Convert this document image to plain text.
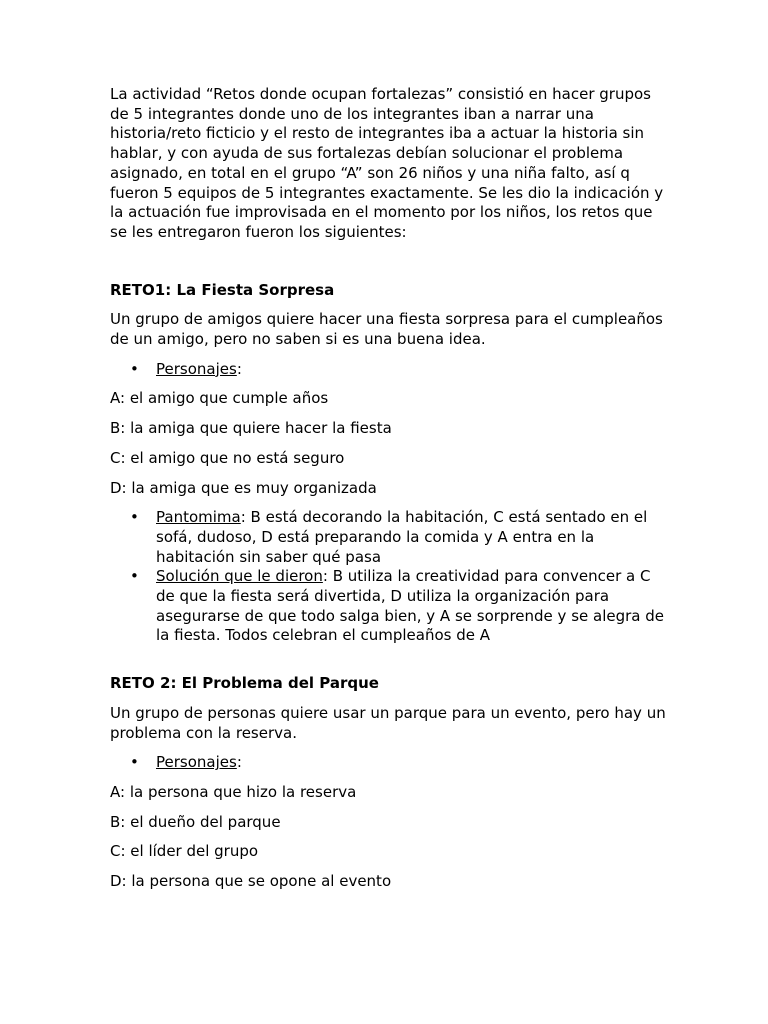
La actividad “Retos donde ocupan fortalezas” consistió en hacer grupos de 5 integrantes donde uno de los integrantes iban a narrar una historia/reto ficticio y el resto de integrantes iba a actuar la historia sin hablar, y con ayuda de sus fortalezas debían solucionar el problema asignado, en total en el grupo “A” son 26 niños y una niña falto, así q fueron 5 equipos de 5 integrantes exactamente. Se les dio la indicación y la actuación fue improvisada en el momento por los niños, los retos que se les entregaron fueron los siguientes:

RETO1: La Fiesta Sorpresa

Un grupo de amigos quiere hacer una fiesta sorpresa para el cumpleaños de un amigo, pero no saben si es una buena idea.

• Personajes:

A: el amigo que cumple años

B: la amiga que quiere hacer la fiesta

C: el amigo que no está seguro

D: la amiga que es muy organizada

• Pantomima: B está decorando la habitación, C está sentado en el sofá, dudoso, D está preparando la comida y A entra en la habitación sin saber qué pasa
• Solución que le dieron: B utiliza la creatividad para convencer a C de que la fiesta será divertida, D utiliza la organización para asegurarse de que todo salga bien, y A se sorprende y se alegra de la fiesta. Todos celebran el cumpleaños de A

RETO 2: El Problema del Parque

Un grupo de personas quiere usar un parque para un evento, pero hay un problema con la reserva.

• Personajes:

A: la persona que hizo la reserva

B: el dueño del parque

C: el líder del grupo

D: la persona que se opone al evento
